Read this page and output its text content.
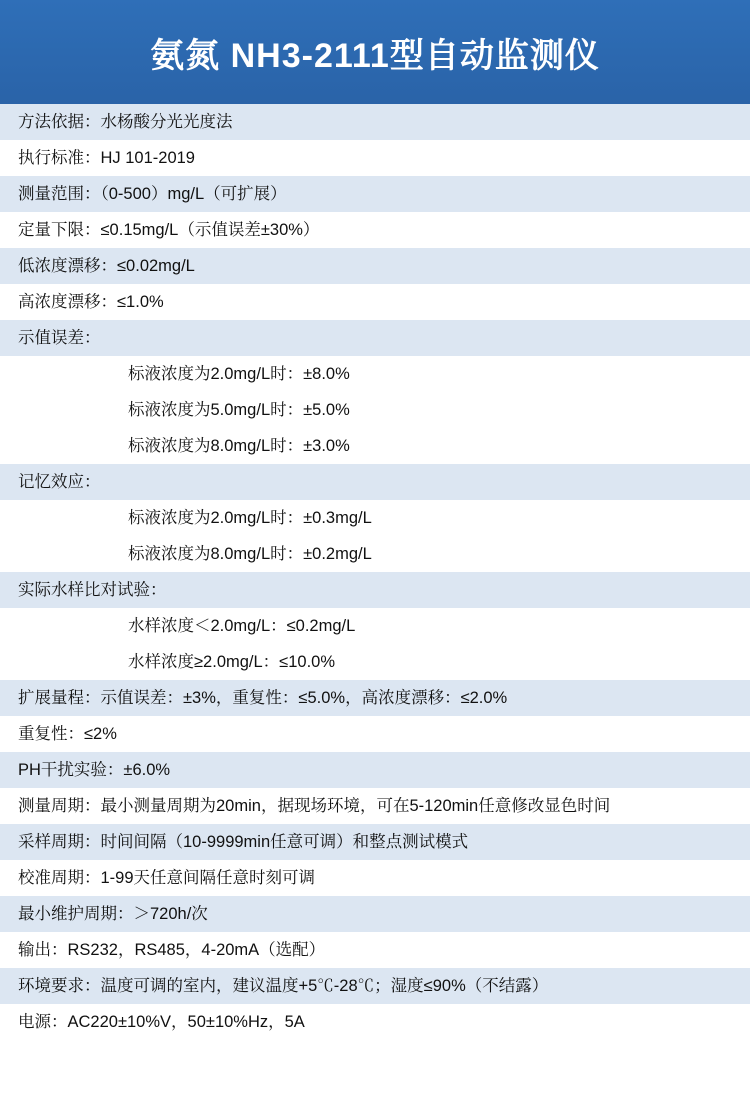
氨氮 NH3-2111型自动监测仪
方法依据：水杨酸分光光度法
执行标准：HJ 101-2019
测量范围：（0-500）mg/L（可扩展）
定量下限：≤0.15mg/L（示值误差±30%）
低浓度漂移：≤0.02mg/L
高浓度漂移：≤1.0%
示值误差：
标液浓度为2.0mg/L时：±8.0%
标液浓度为5.0mg/L时：±5.0%
标液浓度为8.0mg/L时：±3.0%
记忆效应：
标液浓度为2.0mg/L时：±0.3mg/L
标液浓度为8.0mg/L时：±0.2mg/L
实际水样比对试验：
水样浓度＜2.0mg/L：≤0.2mg/L
水样浓度≥2.0mg/L：≤10.0%
扩展量程：示值误差：±3%，重复性：≤5.0%，高浓度漂移：≤2.0%
重复性：≤2%
PH干扰实验：±6.0%
测量周期：最小测量周期为20min，据现场环境，可在5-120min任意修改显色时间
采样周期：时间间隔（10-9999min任意可调）和整点测试模式
校准周期：1-99天任意间隔任意时刻可调
最小维护周期：＞720h/次
输出：RS232，RS485，4-20mA（选配）
环境要求：温度可调的室内，建议温度+5℃-28℃；湿度≤90%（不结露）
电源：AC220±10%V，50±10%Hz，5A
